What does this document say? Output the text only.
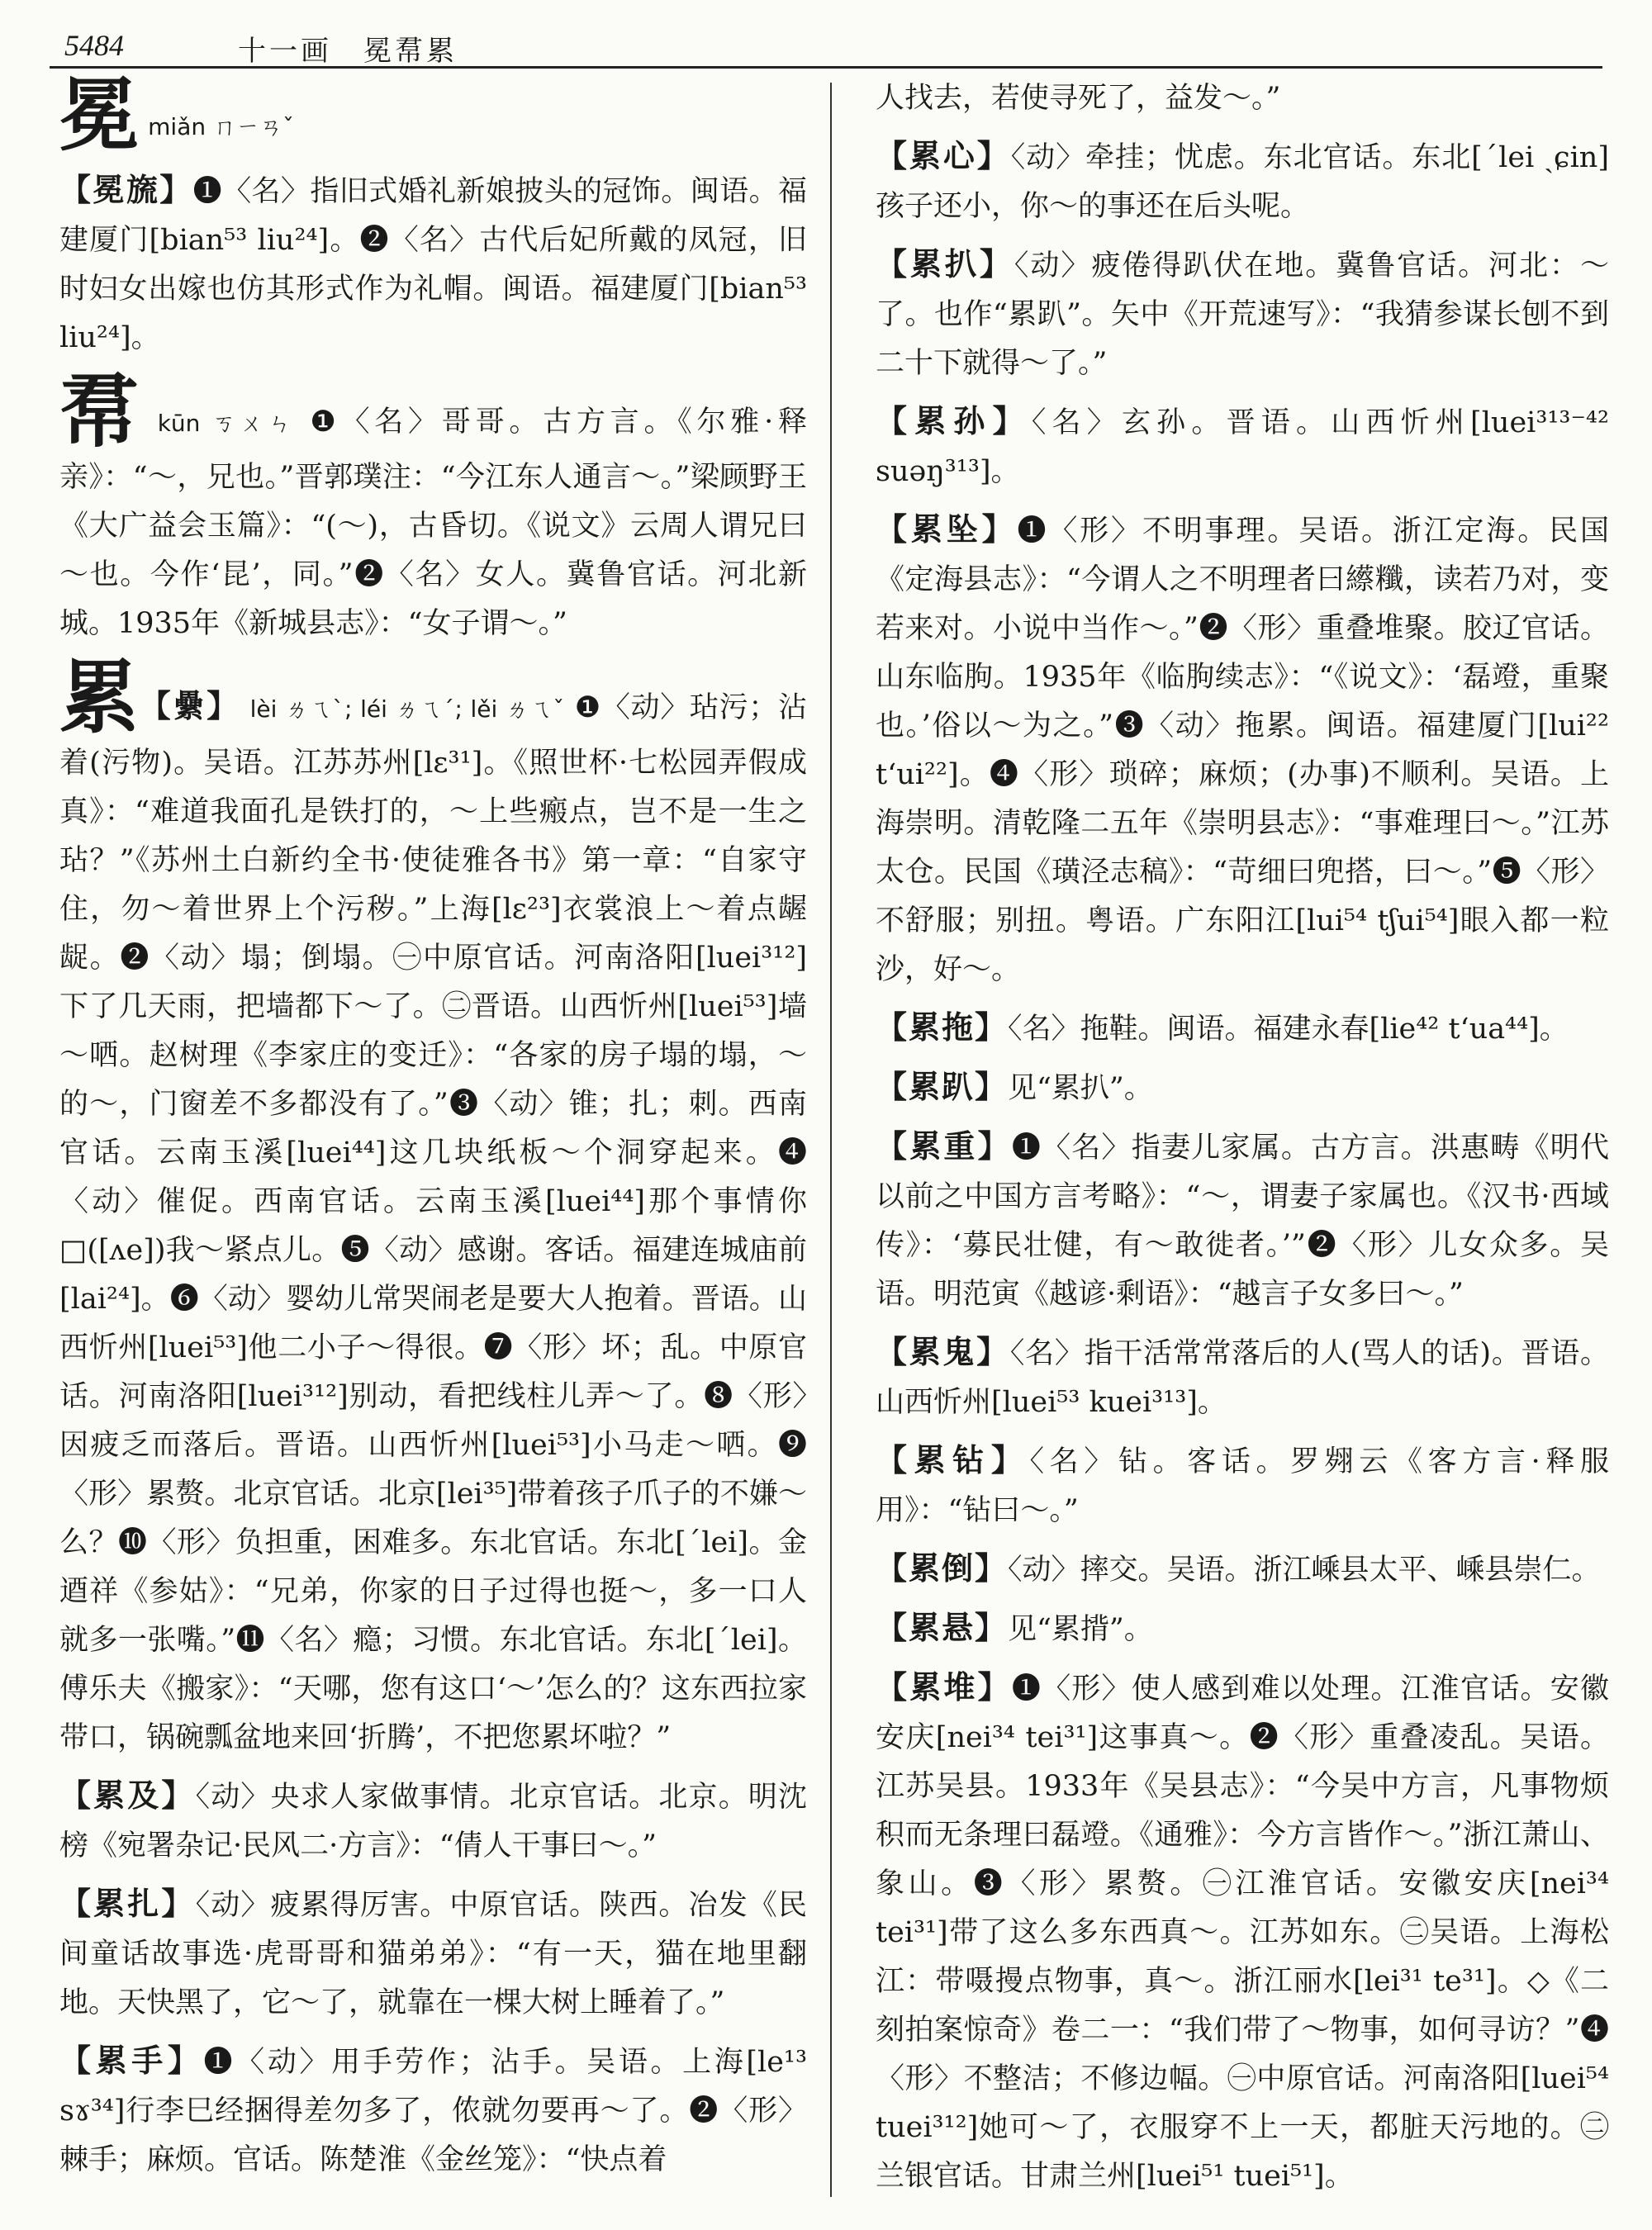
5484	十一画　冕帬累

冕 miǎn ㄇㄧㄢˇ

【冕旒】❶〈名〉指旧式婚礼新娘披头的冠饰。闽语。福建厦门[bian⁵³ liu²⁴]。❷〈名〉古代后妃所戴的凤冠，旧时妇女出嫁也仿其形式作为礼帽。闽语。福建厦门[bian⁵³ liu²⁴]。

帬 kūn ㄎㄨㄣ ❶〈名〉哥哥。古方言。《尔雅·释亲》：“～，兄也。”晋郭璞注：“今江东人通言～。”梁顾野王《大广益会玉篇》：“(～)，古昏切。《说文》云周人谓兄曰～也。今作‘昆’，同。”❷〈名〉女人。冀鲁官话。河北新城。1935年《新城县志》：“女子谓～。”

累【纍】 lèi ㄌㄟˋ; léi ㄌㄟˊ; lěi ㄌㄟˇ ❶〈动〉玷污；沾着(污物)。吴语。江苏苏州[lɛ³¹]。《照世杯·七松园弄假成真》：“难道我面孔是铁打的，～上些瘢点，岂不是一生之玷？”《苏州土白新约全书·使徒雅各书》第一章：“自家守住，勿～着世界上个污秽。”上海[lɛ²³]衣裳浪上～着点龌龊。❷〈动〉塌；倒塌。㊀中原官话。河南洛阳[luei³¹²]下了几天雨，把墙都下～了。㊁晋语。山西忻州[luei⁵³]墙～哂。赵树理《李家庄的变迁》：“各家的房子塌的塌，～的～，门窗差不多都没有了。”❸〈动〉锥；扎；刺。西南官话。云南玉溪[luei⁴⁴]这几块纸板～个洞穿起来。❹〈动〉催促。西南官话。云南玉溪[luei⁴⁴]那个事情你□([ʌe])我～紧点儿。❺〈动〉感谢。客话。福建连城庙前[lai²⁴]。❻〈动〉婴幼儿常哭闹老是要大人抱着。晋语。山西忻州[luei⁵³]他二小子～得很。❼〈形〉坏；乱。中原官话。河南洛阳[luei³¹²]别动，看把线柱儿弄～了。❽〈形〉因疲乏而落后。晋语。山西忻州[luei⁵³]小马走～哂。❾〈形〉累赘。北京官话。北京[lei³⁵]带着孩子爪子的不嫌～么？❿〈形〉负担重，困难多。东北官话。东北[ˊlei]。金逎祥《参姑》：“兄弟，你家的日子过得也挺～，多一口人就多一张嘴。”⓫〈名〉瘾；习惯。东北官话。东北[ˊlei]。傅乐夫《搬家》：“天哪，您有这口‘～’怎么的？这东西拉家带口，锅碗瓢盆地来回‘折腾’，不把您累坏啦？”

【累及】〈动〉央求人家做事情。北京官话。北京。明沈榜《宛署杂记·民风二·方言》：“倩人干事曰～。”

【累扎】〈动〉疲累得厉害。中原官话。陕西。冶发《民间童话故事选·虎哥哥和猫弟弟》：“有一天，猫在地里翻地。天快黑了，它～了，就靠在一棵大树上睡着了。”

【累手】❶〈动〉用手劳作；沾手。吴语。上海[le¹³ sɤ³⁴]行李巳经捆得差勿多了，侬就勿要再～了。❷〈形〉棘手；麻烦。官话。陈楚淮《金丝笼》：“快点着

人找去，若使寻死了，益发～。”

【累心】〈动〉牵挂；忧虑。东北官话。东北[ˊlei ˏɕin]孩子还小，你～的事还在后头呢。

【累扒】〈动〉疲倦得趴伏在地。冀鲁官话。河北：～了。也作“累趴”。矢中《开荒速写》：“我猜参谋长刨不到二十下就得～了。”

【累孙】〈名〉玄孙。晋语。山西忻州[luei³¹³⁻⁴² suəŋ³¹³]。

【累坠】❶〈形〉不明事理。吴语。浙江定海。民国《定海县志》：“今谓人之不明理者曰䌨䊱，读若乃对，变若来对。小说中当作～。”❷〈形〉重叠堆聚。胶辽官话。山东临朐。1935年《临朐续志》：“《说文》：‘磊竳，重聚也。’俗以～为之。”❸〈动〉拖累。闽语。福建厦门[lui²² t‘ui²²]。❹〈形〉琐碎；麻烦；(办事)不顺利。吴语。上海崇明。清乾隆二五年《崇明县志》：“事难理曰～。”江苏太仓。民国《璜泾志稿》：“苛细曰兜搭，曰～。”❺〈形〉不舒服；别扭。粤语。广东阳江[lui⁵⁴ tʃui⁵⁴]眼入都一粒沙，好～。

【累拖】〈名〉拖鞋。闽语。福建永春[lie⁴² t‘ua⁴⁴]。

【累趴】见“累扒”。

【累重】❶〈名〉指妻儿家属。古方言。洪惠畴《明代以前之中国方言考略》：“～，谓妻子家属也。《汉书·西域传》：‘募民壮健，有～敢徙者。’”❷〈形〉儿女众多。吴语。明范寅《越谚·剩语》：“越言子女多曰～。”

【累鬼】〈名〉指干活常常落后的人(骂人的话)。晋语。山西忻州[luei⁵³ kuei³¹³]。

【累钻】〈名〉钻。客话。罗翙云《客方言·释服用》：“钻曰～。”

【累倒】〈动〉摔交。吴语。浙江嵊县太平、嵊县崇仁。

【累悬】见“累揹”。

【累堆】❶〈形〉使人感到难以处理。江淮官话。安徽安庆[nei³⁴ tei³¹]这事真～。❷〈形〉重叠凌乱。吴语。江苏吴县。1933年《吴县志》：“今吴中方言，凡事物烦积而无条理曰磊竳。《通雅》：今方言皆作～。”浙江萧山、象山。❸〈形〉累赘。㊀江淮官话。安徽安庆[nei³⁴ tei³¹]带了这么多东西真～。江苏如东。㊁吴语。上海松江：带嗫摱点物事，真～。浙江丽水[lei³¹ te³¹]。◇《二刻拍案惊奇》卷二一：“我们带了～物事，如何寻访？”❹〈形〉不整洁；不修边幅。㊀中原官话。河南洛阳[luei⁵⁴ tuei³¹²]她可～了，衣服穿不上一天，都脏天污地的。㊁兰银官话。甘肃兰州[luei⁵¹ tuei⁵¹]。
